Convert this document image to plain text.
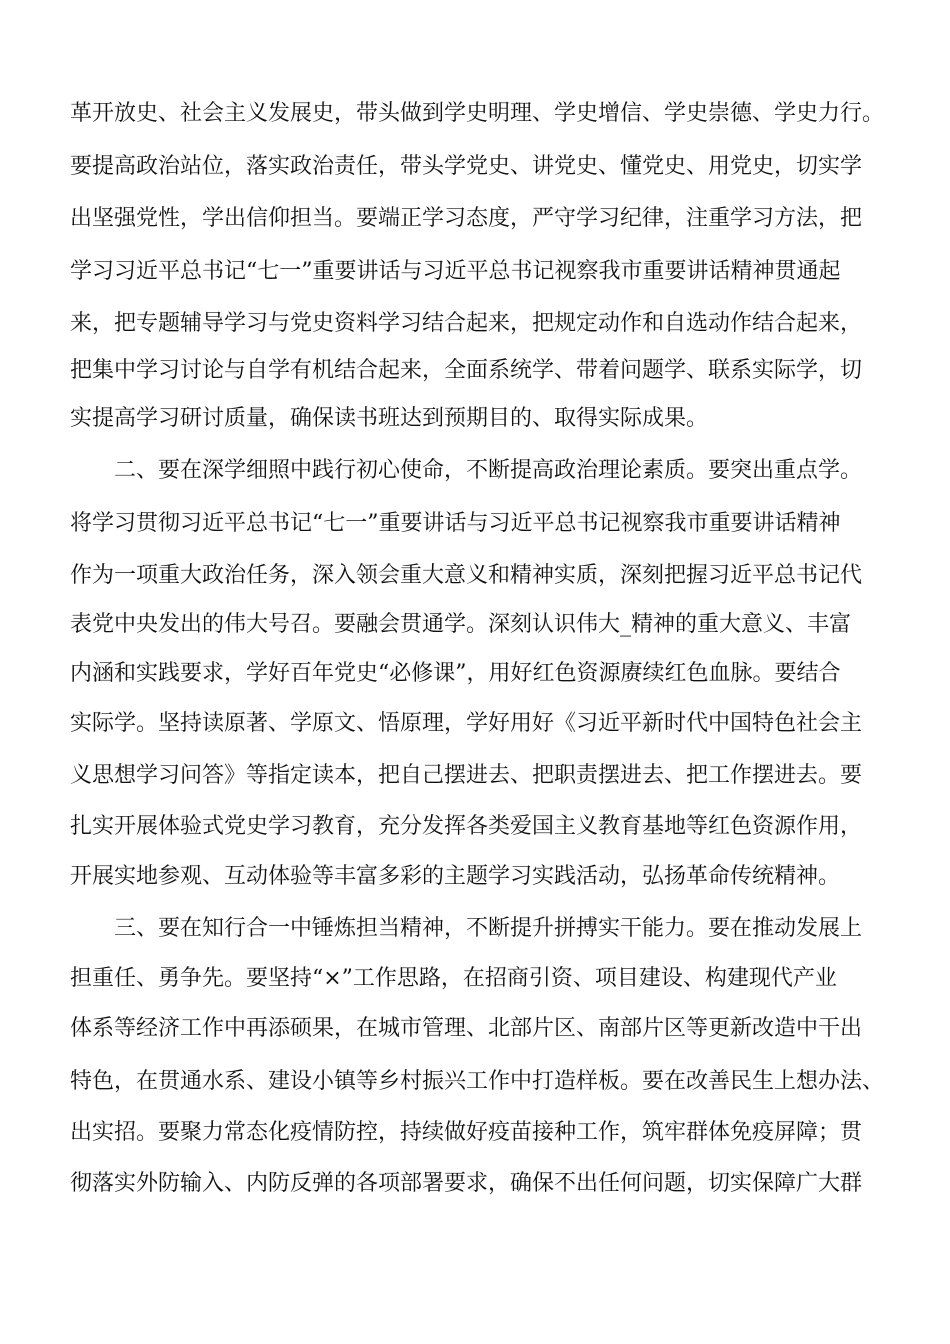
革开放史、社会主义发展史，带头做到学史明理、学史增信、学史崇德、学史力行。
要提高政治站位，落实政治责任，带头学党史、讲党史、懂党史、用党史，切实学
出坚强党性，学出信仰担当。要端正学习态度，严守学习纪律，注重学习方法，把
学习习近平总书记“七一”重要讲话与习近平总书记视察我市重要讲话精神贯通起
来，把专题辅导学习与党史资料学习结合起来，把规定动作和自选动作结合起来，
把集中学习讨论与自学有机结合起来，全面系统学、带着问题学、联系实际学，切
实提高学习研讨质量，确保读书班达到预期目的、取得实际成果。
二、要在深学细照中践行初心使命，不断提高政治理论素质。要突出重点学。
将学习贯彻习近平总书记“七一”重要讲话与习近平总书记视察我市重要讲话精神
作为一项重大政治任务，深入领会重大意义和精神实质，深刻把握习近平总书记代
表党中央发出的伟大号召。要融会贯通学。深刻认识伟大_精神的重大意义、丰富
内涵和实践要求，学好百年党史“必修课”，用好红色资源赓续红色血脉。要结合
实际学。坚持读原著、学原文、悟原理，学好用好《习近平新时代中国特色社会主
义思想学习问答》等指定读本，把自己摆进去、把职责摆进去、把工作摆进去。要
扎实开展体验式党史学习教育，充分发挥各类爱国主义教育基地等红色资源作用，
开展实地参观、互动体验等丰富多彩的主题学习实践活动，弘扬革命传统精神。
三、要在知行合一中锤炼担当精神，不断提升拼搏实干能力。要在推动发展上
担重任、勇争先。要坚持“×”工作思路，在招商引资、项目建设、构建现代产业
体系等经济工作中再添硕果，在城市管理、北部片区、南部片区等更新改造中干出
特色，在贯通水系、建设小镇等乡村振兴工作中打造样板。要在改善民生上想办法、
出实招。要聚力常态化疫情防控，持续做好疫苗接种工作，筑牢群体免疫屏障；贯
彻落实外防输入、内防反弹的各项部署要求，确保不出任何问题，切实保障广大群
